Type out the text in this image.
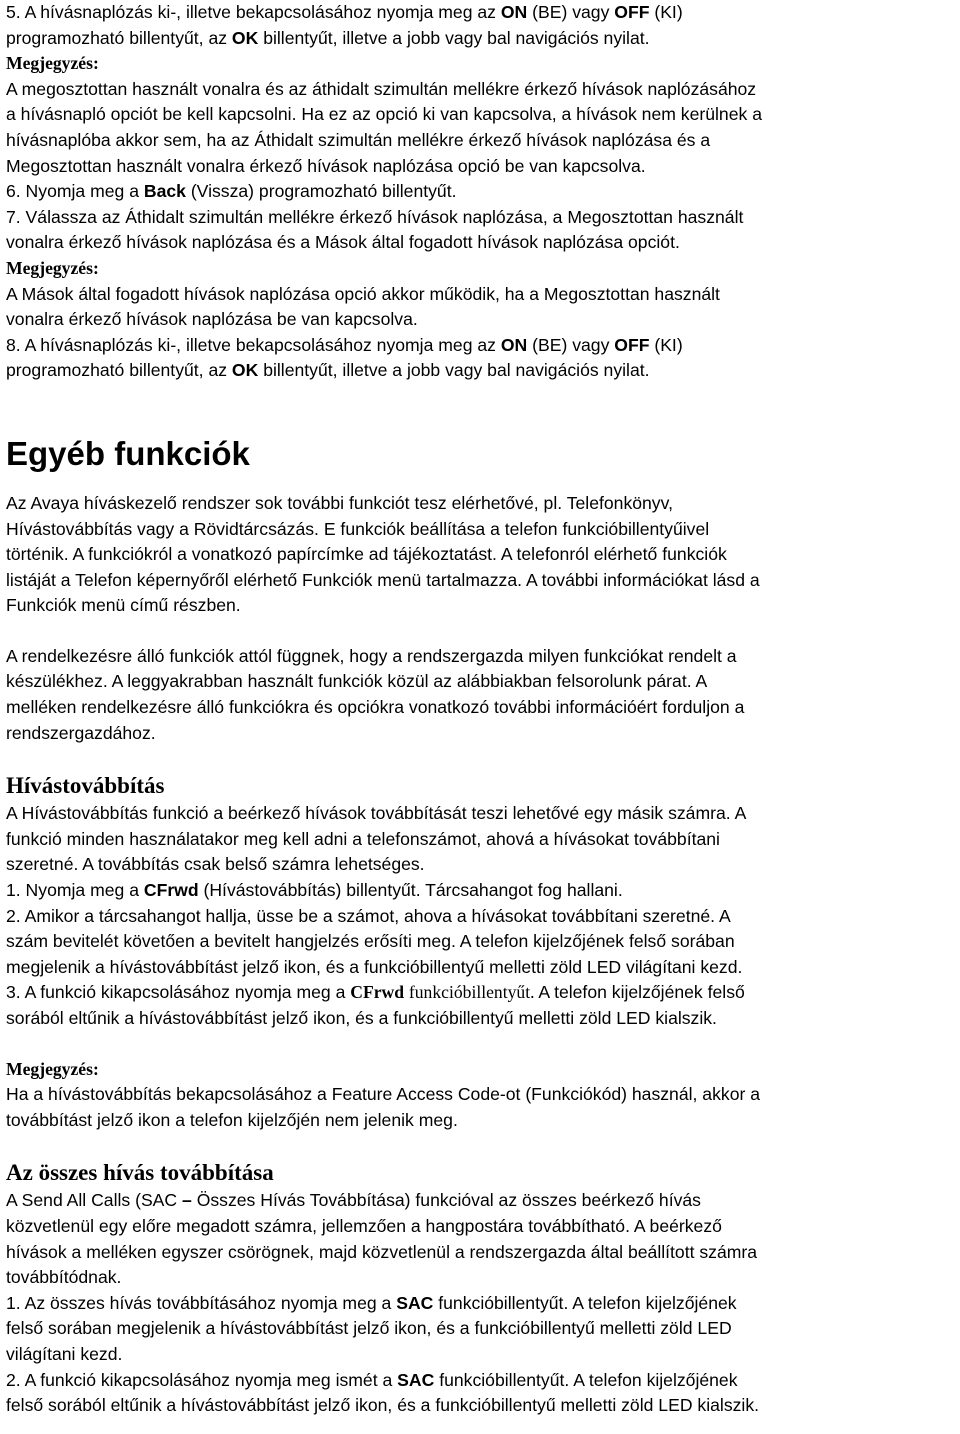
5. A hívásnaplózás ki-, illetve bekapcsolásához nyomja meg az ON (BE) vagy OFF (KI)

programozható billentyűt, az OK billentyűt, illetve a jobb vagy bal navigációs nyilat.

Megjegyzés:

A megosztottan használt vonalra és az áthidalt szimultán mellékre érkező hívások naplózásához

a hívásnapló opciót be kell kapcsolni. Ha ez az opció ki van kapcsolva, a hívások nem kerülnek a

hívásnaplóba akkor sem, ha az Áthidalt szimultán mellékre érkező hívások naplózása és a

Megosztottan használt vonalra érkező hívások naplózása opció be van kapcsolva.

6. Nyomja meg a Back (Vissza) programozható billentyűt.

7. Válassza az Áthidalt szimultán mellékre érkező hívások naplózása, a Megosztottan használt

vonalra érkező hívások naplózása és a Mások által fogadott hívások naplózása opciót.

Megjegyzés:

A Mások által fogadott hívások naplózása opció akkor működik, ha a Megosztottan használt

vonalra érkező hívások naplózása be van kapcsolva.

8. A hívásnaplózás ki-, illetve bekapcsolásához nyomja meg az ON (BE) vagy OFF (KI)

programozható billentyűt, az OK billentyűt, illetve a jobb vagy bal navigációs nyilat.

Egyéb funkciók

Az Avaya híváskezelő rendszer sok további funkciót tesz elérhetővé, pl. Telefonkönyv,

Hívástovábbítás vagy a Rövidtárcsázás. E funkciók beállítása a telefon funkcióbillentyűivel

történik. A funkciókról a vonatkozó papírcímke ad tájékoztatást. A telefonról elérhető funkciók

listáját a Telefon képernyőről elérhető Funkciók menü tartalmazza. A további információkat lásd a

Funkciók menü című részben.

A rendelkezésre álló funkciók attól függnek, hogy a rendszergazda milyen funkciókat rendelt a

készülékhez. A leggyakrabban használt funkciók közül az alábbiakban felsorolunk párat. A

melléken rendelkezésre álló funkciókra és opciókra vonatkozó további információért forduljon a

rendszergazdához.

Hívástovábbítás

A Hívástovábbítás funkció a beérkező hívások továbbítását teszi lehetővé egy másik számra. A

funkció minden használatakor meg kell adni a telefonszámot, ahová a hívásokat továbbítani

szeretné. A továbbítás csak belső számra lehetséges.

1. Nyomja meg a CFrwd (Hívástovábbítás) billentyűt. Tárcsahangot fog hallani.

2. Amikor a tárcsahangot hallja, üsse be a számot, ahova a hívásokat továbbítani szeretné. A

szám bevitelét követően a bevitelt hangjelzés erősíti meg. A telefon kijelzőjének felső sorában

megjelenik a hívástovábbítást jelző ikon, és a funkcióbillentyű melletti zöld LED világítani kezd.

3. A funkció kikapcsolásához nyomja meg a CFrwd funkcióbillentyűt. A telefon kijelzőjének felső

sorából eltűnik a hívástovábbítást jelző ikon, és a funkcióbillentyű melletti zöld LED kialszik.

Megjegyzés:

Ha a hívástovábbítás bekapcsolásához a Feature Access Code-ot (Funkciókód) használ, akkor a

továbbítást jelző ikon a telefon kijelzőjén nem jelenik meg.

Az összes hívás továbbítása

A Send All Calls (SAC – Összes Hívás Továbbítása) funkcióval az összes beérkező hívás

közvetlenül egy előre megadott számra, jellemzően a hangpostára továbbítható. A beérkező

hívások a melléken egyszer csörögnek, majd közvetlenül a rendszergazda által beállított számra

továbbítódnak.

1. Az összes hívás továbbításához nyomja meg a SAC funkcióbillentyűt. A telefon kijelzőjének

felső sorában megjelenik a hívástovábbítást jelző ikon, és a funkcióbillentyű melletti zöld LED

világítani kezd.

2. A funkció kikapcsolásához nyomja meg ismét a SAC funkcióbillentyűt. A telefon kijelzőjének

felső sorából eltűnik a hívástovábbítást jelző ikon, és a funkcióbillentyű melletti zöld LED kialszik.
